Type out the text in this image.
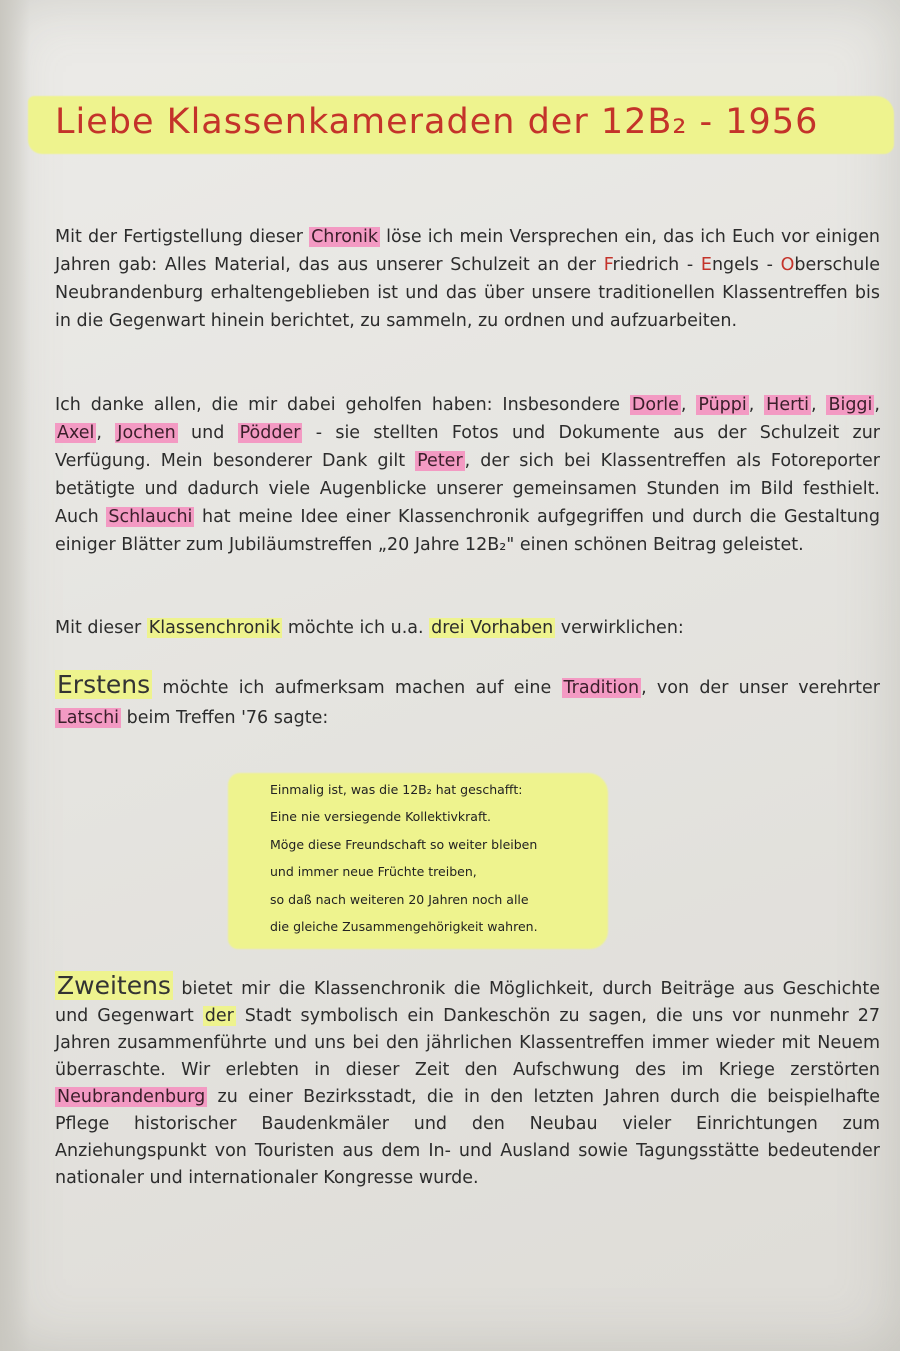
Liebe Klassenkameraden der 12B₂ - 1956

Mit der Fertigstellung dieser Chronik löse ich mein Versprechen ein, das ich Euch vor einigen Jahren gab: Alles Material, das aus unserer Schulzeit an der Friedrich - Engels - Oberschule Neubrandenburg erhaltengeblieben ist und das über unsere traditionellen Klassentreffen bis in die Gegenwart hinein berichtet, zu sammeln, zu ordnen und aufzuarbeiten.

Ich danke allen, die mir dabei geholfen haben: Insbesondere Dorle , Püppi , Herti , Biggi , Axel , Jochen und Pödder - sie stellten Fotos und Dokumente aus der Schulzeit zur Verfügung. Mein besonderer Dank gilt Peter , der sich bei Klassentreffen als Fotoreporter betätigte und dadurch viele Augenblicke unserer gemeinsamen Stunden im Bild festhielt. Auch Schlauchi hat meine Idee einer Klassenchronik aufgegriffen und durch die Gestaltung einiger Blätter zum Jubiläumstreffen „20 Jahre 12B₂" einen schönen Beitrag geleistet.

Mit dieser Klassenchronik möchte ich u.a. drei Vorhaben verwirklichen:

Erstens möchte ich aufmerksam machen auf eine Tradition , von der unser verehrter Latschi beim Treffen '76 sagte:

Einmalig ist, was die 12B₂ hat geschafft:
Eine nie versiegende Kollektivkraft.
Möge diese Freundschaft so weiter bleiben
und immer neue Früchte treiben,
so daß nach weiteren 20 Jahren noch alle
die gleiche Zusammengehörigkeit wahren.

Zweitens bietet mir die Klassenchronik die Möglichkeit, durch Beiträge aus Geschichte und Gegenwart der Stadt symbolisch ein Dankeschön zu sagen, die uns vor nunmehr 27 Jahren zusammenführte und uns bei den jährlichen Klassentreffen immer wieder mit Neuem überraschte. Wir erlebten in dieser Zeit den Aufschwung des im Kriege zerstörten Neubrandenburg zu einer Bezirksstadt, die in den letzten Jahren durch die beispielhafte Pflege historischer Baudenkmäler und den Neubau vieler Einrichtungen zum Anziehungspunkt von Touristen aus dem In- und Ausland sowie Tagungsstätte bedeutender nationaler und internationaler Kongresse wurde.
